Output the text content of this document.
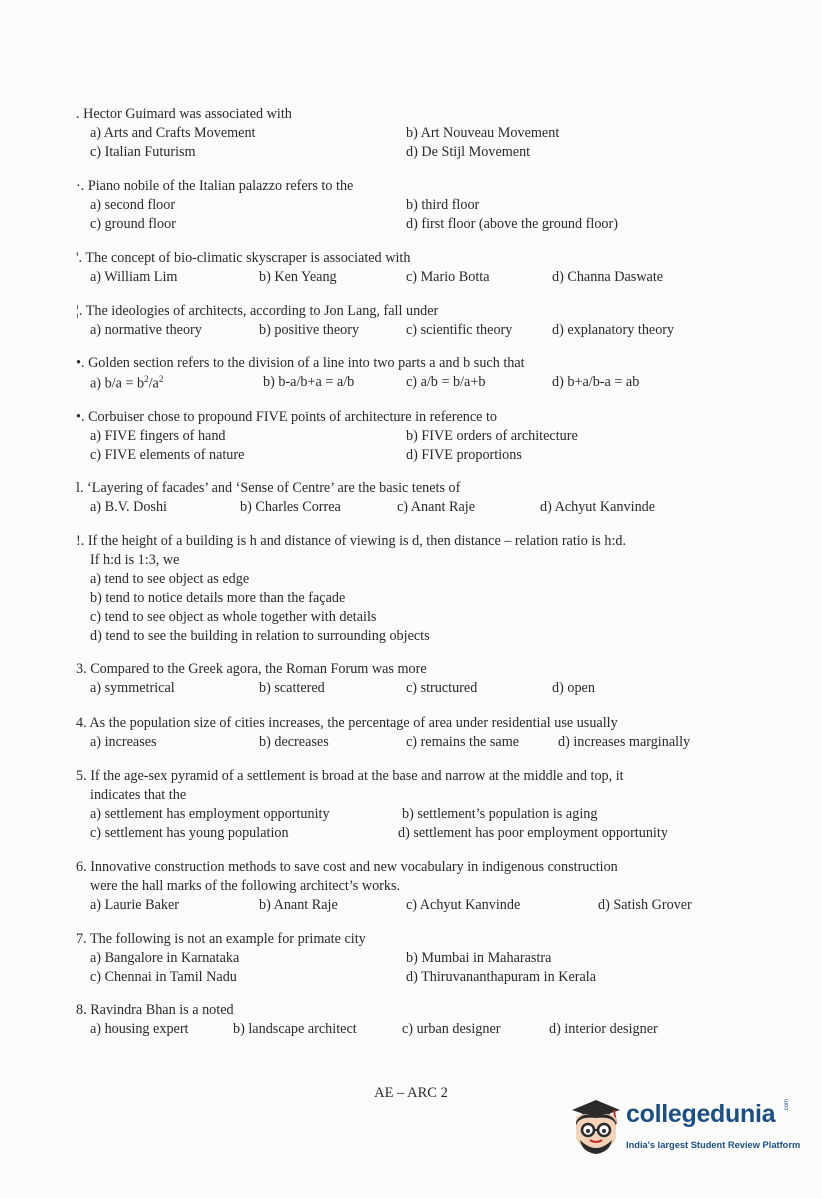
. Hector Guimard was associated with
a) Arts and Crafts Movement	b) Art Nouveau Movement
c) Italian Futurism	d) De Stijl Movement
·. Piano nobile of the Italian palazzo refers to the
a) second floor	b) third floor
c) ground floor	d) first floor (above the ground floor)
'. The concept of bio-climatic skyscraper is associated with
a) William Lim	b) Ken Yeang	c) Mario Botta	d) Channa Daswate
¦. The ideologies of architects, according to Jon Lang, fall under
a) normative theory	b) positive theory	c) scientific theory	d) explanatory theory
•. Golden section refers to the division of a line into two parts a and b such that
a) $b/a = b^2/a^2$	b) b-a/b+a = a/b	c) a/b = b/a+b	d) b+a/b-a = ab
•. Corbuiser chose to propound FIVE points of architecture in reference to
a) FIVE fingers of hand	b) FIVE orders of architecture
c) FIVE elements of nature	d) FIVE proportions
l. ‘Layering of facades’ and ‘Sense of Centre’ are the basic tenets of
a) B.V. Doshi	b) Charles Correa	c) Anant Raje	d) Achyut Kanvinde
!. If the height of a building is h and distance of viewing is d, then distance – relation ratio is h:d.
If h:d is 1:3, we
a) tend to see object as edge
b) tend to notice details more than the façade
c) tend to see object as whole together with details
d) tend to see the building in relation to surrounding objects
3. Compared to the Greek agora, the Roman Forum was more
a) symmetrical	b) scattered	c) structured	d) open
4. As the population size of cities increases, the percentage of area under residential use usually
a) increases	b) decreases	c) remains the same	d) increases marginally
5. If the age-sex pyramid of a settlement is broad at the base and narrow at the middle and top, it
indicates that the
a) settlement has employment opportunity	b) settlement’s population is aging
c) settlement has young population	d) settlement has poor employment opportunity
6. Innovative construction methods to save cost and new vocabulary in indigenous construction
were the hall marks of the following architect’s works.
a) Laurie Baker	b) Anant Raje	c) Achyut Kanvinde	d) Satish Grover
7. The following is not an example for primate city
a) Bangalore in Karnataka	b) Mumbai in Maharastra
c) Chennai in Tamil Nadu	d) Thiruvananthapuram in Kerala
8. Ravindra Bhan is a noted
a) housing expert	b) landscape architect	c) urban designer	d) interior designer
AE – ARC 2
collegedunia .com
India's largest Student Review Platform
